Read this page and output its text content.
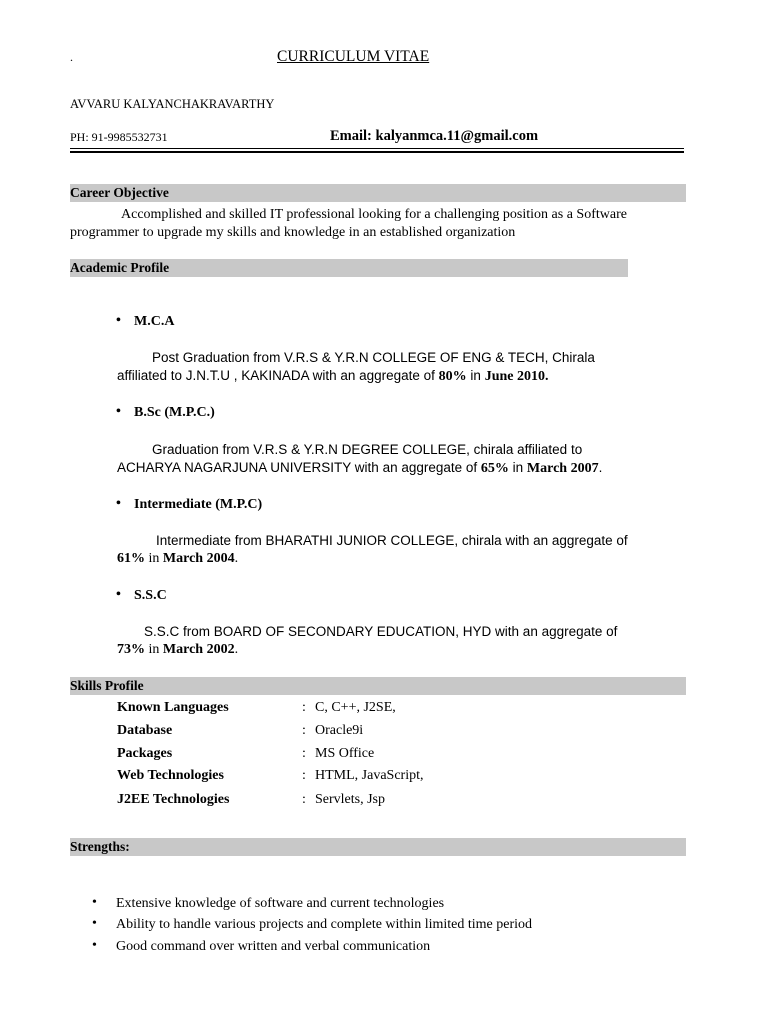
.	CURRICULUM VITAE
AVVARU KALYANCHAKRAVARTHY
PH: 91-9985532731	Email: kalyanmca.11@gmail.com
Career Objective
Accomplished and skilled IT professional looking for a challenging position as a Software
programmer to upgrade my skills and knowledge in an established organization
Academic Profile
• M.C.A
Post Graduation from V.R.S & Y.R.N COLLEGE OF ENG & TECH, Chirala
affiliated to J.N.T.U , KAKINADA with an aggregate of 80% in June 2010.
• B.Sc (M.P.C.)
Graduation from V.R.S & Y.R.N DEGREE COLLEGE, chirala affiliated to
ACHARYA NAGARJUNA UNIVERSITY with an aggregate of 65% in March 2007.
• Intermediate (M.P.C)
Intermediate from BHARATHI JUNIOR COLLEGE, chirala with an aggregate of
61% in March 2004.
• S.S.C
S.S.C from BOARD OF SECONDARY EDUCATION, HYD with an aggregate of
73% in March 2002.
Skills Profile
Known Languages	: C, C++, J2SE,
Database	: Oracle9i
Packages	: MS Office
Web Technologies	: HTML, JavaScript,
J2EE Technologies	: Servlets, Jsp
Strengths:
• Extensive knowledge of software and current technologies
• Ability to handle various projects and complete within limited time period
• Good command over written and verbal communication
